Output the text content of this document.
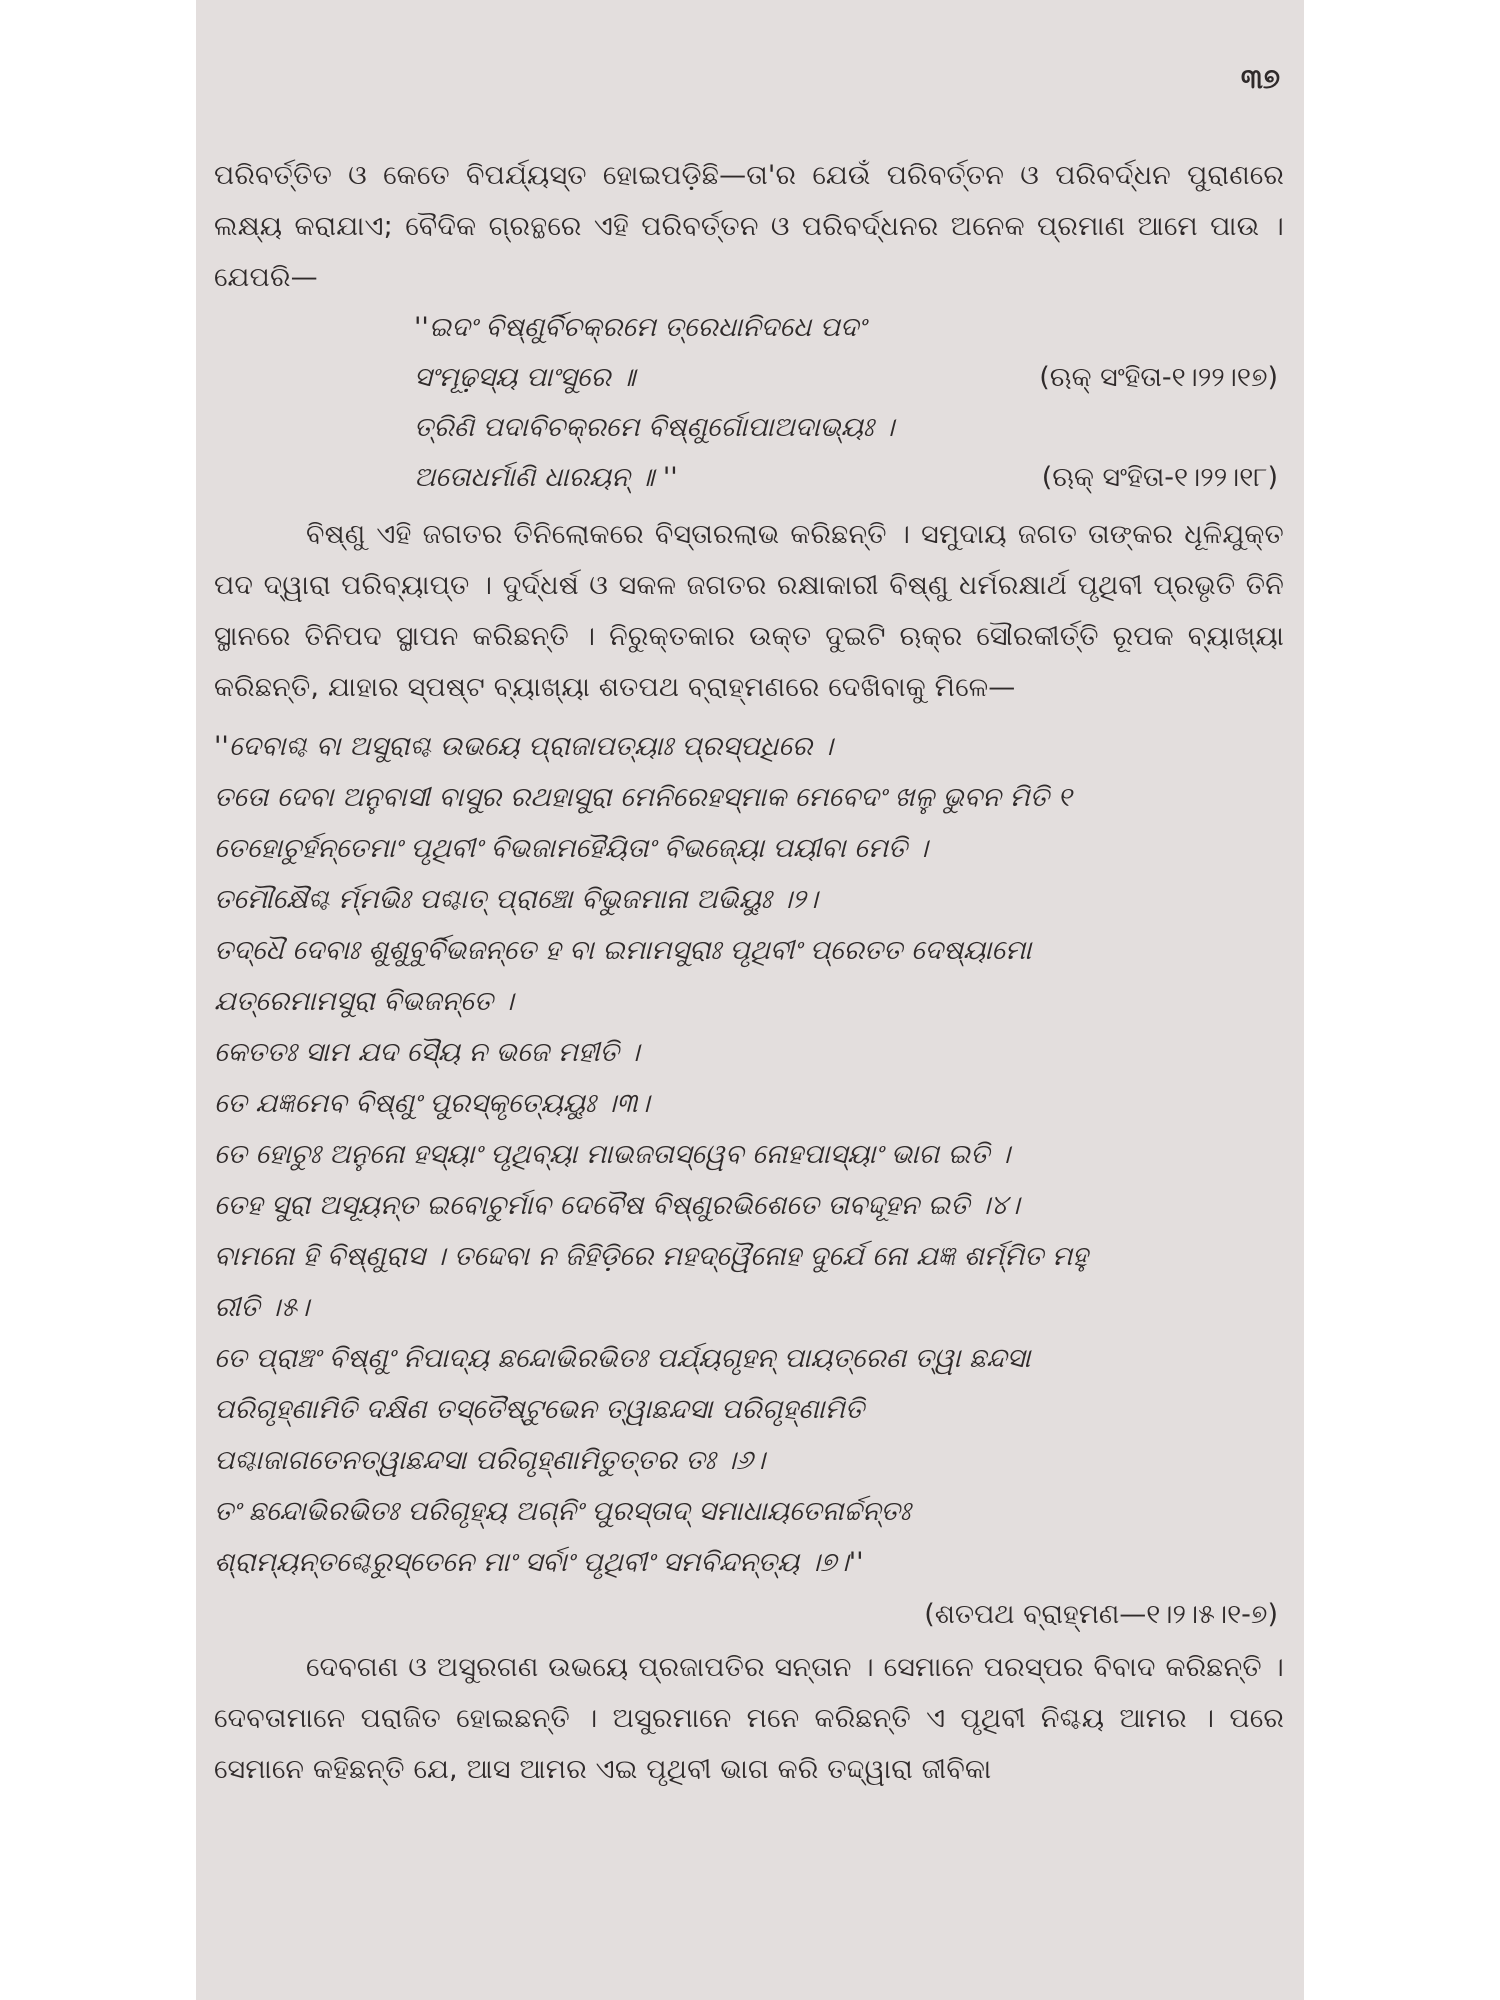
୩୭

ପରିବର୍ତ୍ତିତ ଓ କେତେ ବିପର୍ଯ୍ୟସ୍ତ ହୋଇପଡ଼ିଛି—ତା'ର ଯେଉଁ ପରିବର୍ତ୍ତନ ଓ ପରିବର୍ଦ୍ଧନ ପୁରାଣରେ ଲକ୍ଷ୍ୟ କରାଯାଏ; ବୈଦିକ ଗ୍ରନ୍ଥରେ ଏହି ପରିବର୍ତ୍ତନ ଓ ପରିବର୍ଦ୍ଧନର ଅନେକ ପ୍ରମାଣ ଆମେ ପାଉ । ଯେପରି—

''ଇଦଂ ବିଷ୍ଣୁର୍ବିଚକ୍ରମେ ତ୍ରେଧାନିଦଧେ ପଦଂ
ସଂମୂଢ଼ସ୍ୟ ପାଂସୁରେ ॥	(ଋକ୍ ସଂହିତା-୧।୨୨।୧୭)
ତ୍ରିଣି ପଦାବିଚକ୍ରମେ ବିଷ୍ଣୁର୍ଗୋପାଅଦାଭ୍ୟଃ ।
ଅତୋଧର୍ମାଣି ଧାରୟନ୍ ॥ ''	(ଋକ୍ ସଂହିତା-୧।୨୨।୧୮)

ବିଷ୍ଣୁ ଏହି ଜଗତର ତିନିଲୋକରେ ବିସ୍ତାରଲାଭ କରିଛନ୍ତି । ସମୁଦାୟ ଜଗତ ତାଙ୍କର ଧୂଳିଯୁକ୍ତ ପଦ ଦ୍ୱାରା ପରିବ୍ୟାପ୍ତ । ଦୁର୍ଦ୍ଧର୍ଷ ଓ ସକଳ ଜଗତର ରକ୍ଷାକାରୀ ବିଷ୍ଣୁ ଧର୍ମରକ୍ଷାର୍ଥ ପୃଥିବୀ ପ୍ରଭୃତି ତିନି ସ୍ଥାନରେ ତିନିପଦ ସ୍ଥାପନ କରିଛନ୍ତି । ନିରୁକ୍ତକାର ଉକ୍ତ ଦୁଇଟି ଋକ୍‌ର ସୌରକୀର୍ତ୍ତି ରୂପକ ବ୍ୟାଖ୍ୟା କରିଛନ୍ତି, ଯାହାର ସ୍ପଷ୍ଟ ବ୍ୟାଖ୍ୟା ଶତପଥ ବ୍ରାହ୍ମଣରେ ଦେଖିବାକୁ ମିଳେ—

''ଦେବାଶ୍ଚ ବା ଅସୁରାଶ୍ଚ ଉଭୟେ ପ୍ରାଜାପତ୍ୟାଃ ପ୍ରସ୍ପଧିରେ ।
ତତୋ ଦେବା ଅନୁବାସୀ ବାସୁର ରଥହାସୁରା ମେନିରେହସ୍ମାକ ମେବେଦଂ ଖଳୁ ଭୁବନ ମିତି ୧
ତେହୋଚୁର୍ହନ୍ତେମାଂ ପୃଥିବୀଂ ବିଭଜାମହୈୟିତାଂ ବିଭଜ୍ୟୋ ପୟୀବା ମେତି ।
ତମୌକ୍ଷୈଶ୍ଚ ର୍ମ୍ମଭିଃ ପଶ୍ଚାତ୍ ପ୍ରାଞ୍ଚୋ ବିଭୁଜମାନା ଅଭିୟୁଃ ।୨।
ତଦ୍ଧୈ ଦେବାଃ ଶୁଶୁବୁର୍ବିଭଜନ୍ତେ ହ ବା ଇମାମସୁରାଃ ପୃଥିବୀଂ ପ୍ରେତତ ଦେଷ୍ୟାମୋ
ଯତ୍ରେମାମସୁରା ବିଭଜନ୍ତେ ।
କେତତଃ ସାମ ଯଦ ସ୍ୟୈ ନ ଭଜେ ମହୀତି ।
ତେ ଯଜ୍ଞମେବ ବିଷ୍ଣୁଂ ପୁରସ୍କୃତ୍ୟେୟୁଃ ।୩।
ତେ ହୋଚୁଃ ଅନୁନୋ ହସ୍ୟାଂ ପୃଥିବ୍ୟା ମାଭଜତାସ୍ୱେବ ନୋହପାସ୍ୟାଂ ଭାଗ ଇତି ।
ତେହ ସୁରା ଅସୂୟନ୍ତ ଇବୋଚୁର୍ମାବ ଦେବୈଷ ବିଷ୍ଣୁରଭିଶେତେ ତାବଦ୍ଦୂହନ ଇତି ।୪।
ବାମନୋ ହି ବିଷ୍ଣୁରାସ । ତଦ୍ଦେବା ନ ଜିହିଡ଼ିରେ ମହଦ୍ୱୈନୋହ ଦୁର୍ଯେ ନୋ ଯଜ୍ଞ ଶର୍ମ୍ମିତ ମହୁ
ରୀତି ।୫।
ତେ ପ୍ରାଞ୍ଚଂ ବିଷ୍ଣୁଂ ନିପାଦ୍ୟ ଛନ୍ଦୋଭିରଭିତଃ ପର୍ଯ୍ୟଗୃହନ୍ ପାୟତ୍ରେଣ ତ୍ୱା ଛନ୍ଦସା
ପରିଗୃହ୍ଣାମିତି ଦକ୍ଷିଣ ତସ୍ତୈଷ୍ଟୁଭେନ ତ୍ୱାଛନ୍ଦସା ପରିଗୃହ୍ଣାମିତି
ପଶ୍ଚାଜାଗତେନତ୍ୱାଛନ୍ଦସା ପରିଗୃହ୍ଣାମିତୁତ୍ତର ତଃ ।୬।
ତଂ ଛନ୍ଦୋଭିରଭିତଃ ପରିଗୃହ୍ୟ ଅଗ୍ନିଂ ପୁରସ୍ତାଦ୍ ସମାଧାୟତେନାର୍ଚ୍ଚନ୍ତଃ
ଶ୍ରାମ୍ୟନ୍ତଶ୍ଚେରୁସ୍ତେନେ ମାଂ ସର୍ବାଂ ପୃଥିବୀଂ ସମବିନ୍ଦନ୍ତ୍ୟ ।୭।''
(ଶତପଥ ବ୍ରାହ୍ମଣ—୧।୨।୫।୧-୭)

ଦେବଗଣ ଓ ଅସୁରଗଣ ଉଭୟେ ପ୍ରଜାପତିର ସନ୍ତାନ । ସେମାନେ ପରସ୍ପର ବିବାଦ କରିଛନ୍ତି । ଦେବତାମାନେ ପରାଜିତ ହୋଇଛନ୍ତି । ଅସୁରମାନେ ମନେ କରିଛନ୍ତି ଏ ପୃଥିବୀ ନିଶ୍ଚୟ ଆମର । ପରେ ସେମାନେ କହିଛନ୍ତି ଯେ, ଆସ ଆମର ଏଇ ପୃଥିବୀ ଭାଗ କରି ତଦ୍ଦ୍ୱାରା ଜୀବିକା
